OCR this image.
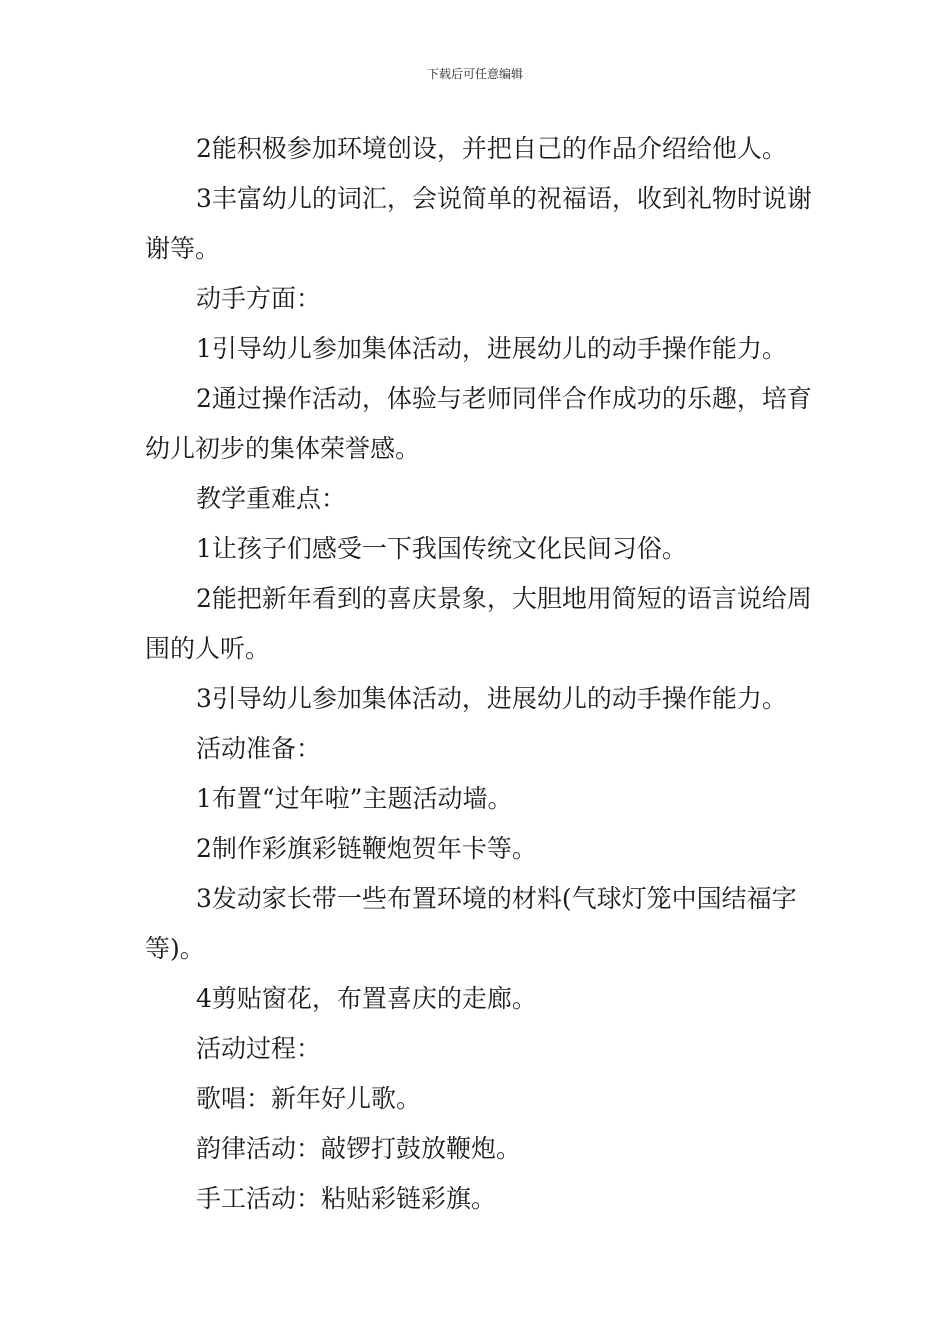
下载后可任意编辑

2能积极参加环境创设，并把自己的作品介绍给他人。

3丰富幼儿的词汇，会说简单的祝福语，收到礼物时说谢谢等。

动手方面：

1引导幼儿参加集体活动，进展幼儿的动手操作能力。

2通过操作活动，体验与老师同伴合作成功的乐趣，培育幼儿初步的集体荣誉感。

教学重难点：

1让孩子们感受一下我国传统文化民间习俗。

2能把新年看到的喜庆景象，大胆地用简短的语言说给周围的人听。

3引导幼儿参加集体活动，进展幼儿的动手操作能力。

活动准备：

1布置“过年啦”主题活动墙。

2制作彩旗彩链鞭炮贺年卡等。

3发动家长带一些布置环境的材料(气球灯笼中国结福字等)。

4剪贴窗花，布置喜庆的走廊。

活动过程：

歌唱：新年好儿歌。

韵律活动：敲锣打鼓放鞭炮。

手工活动：粘贴彩链彩旗。
